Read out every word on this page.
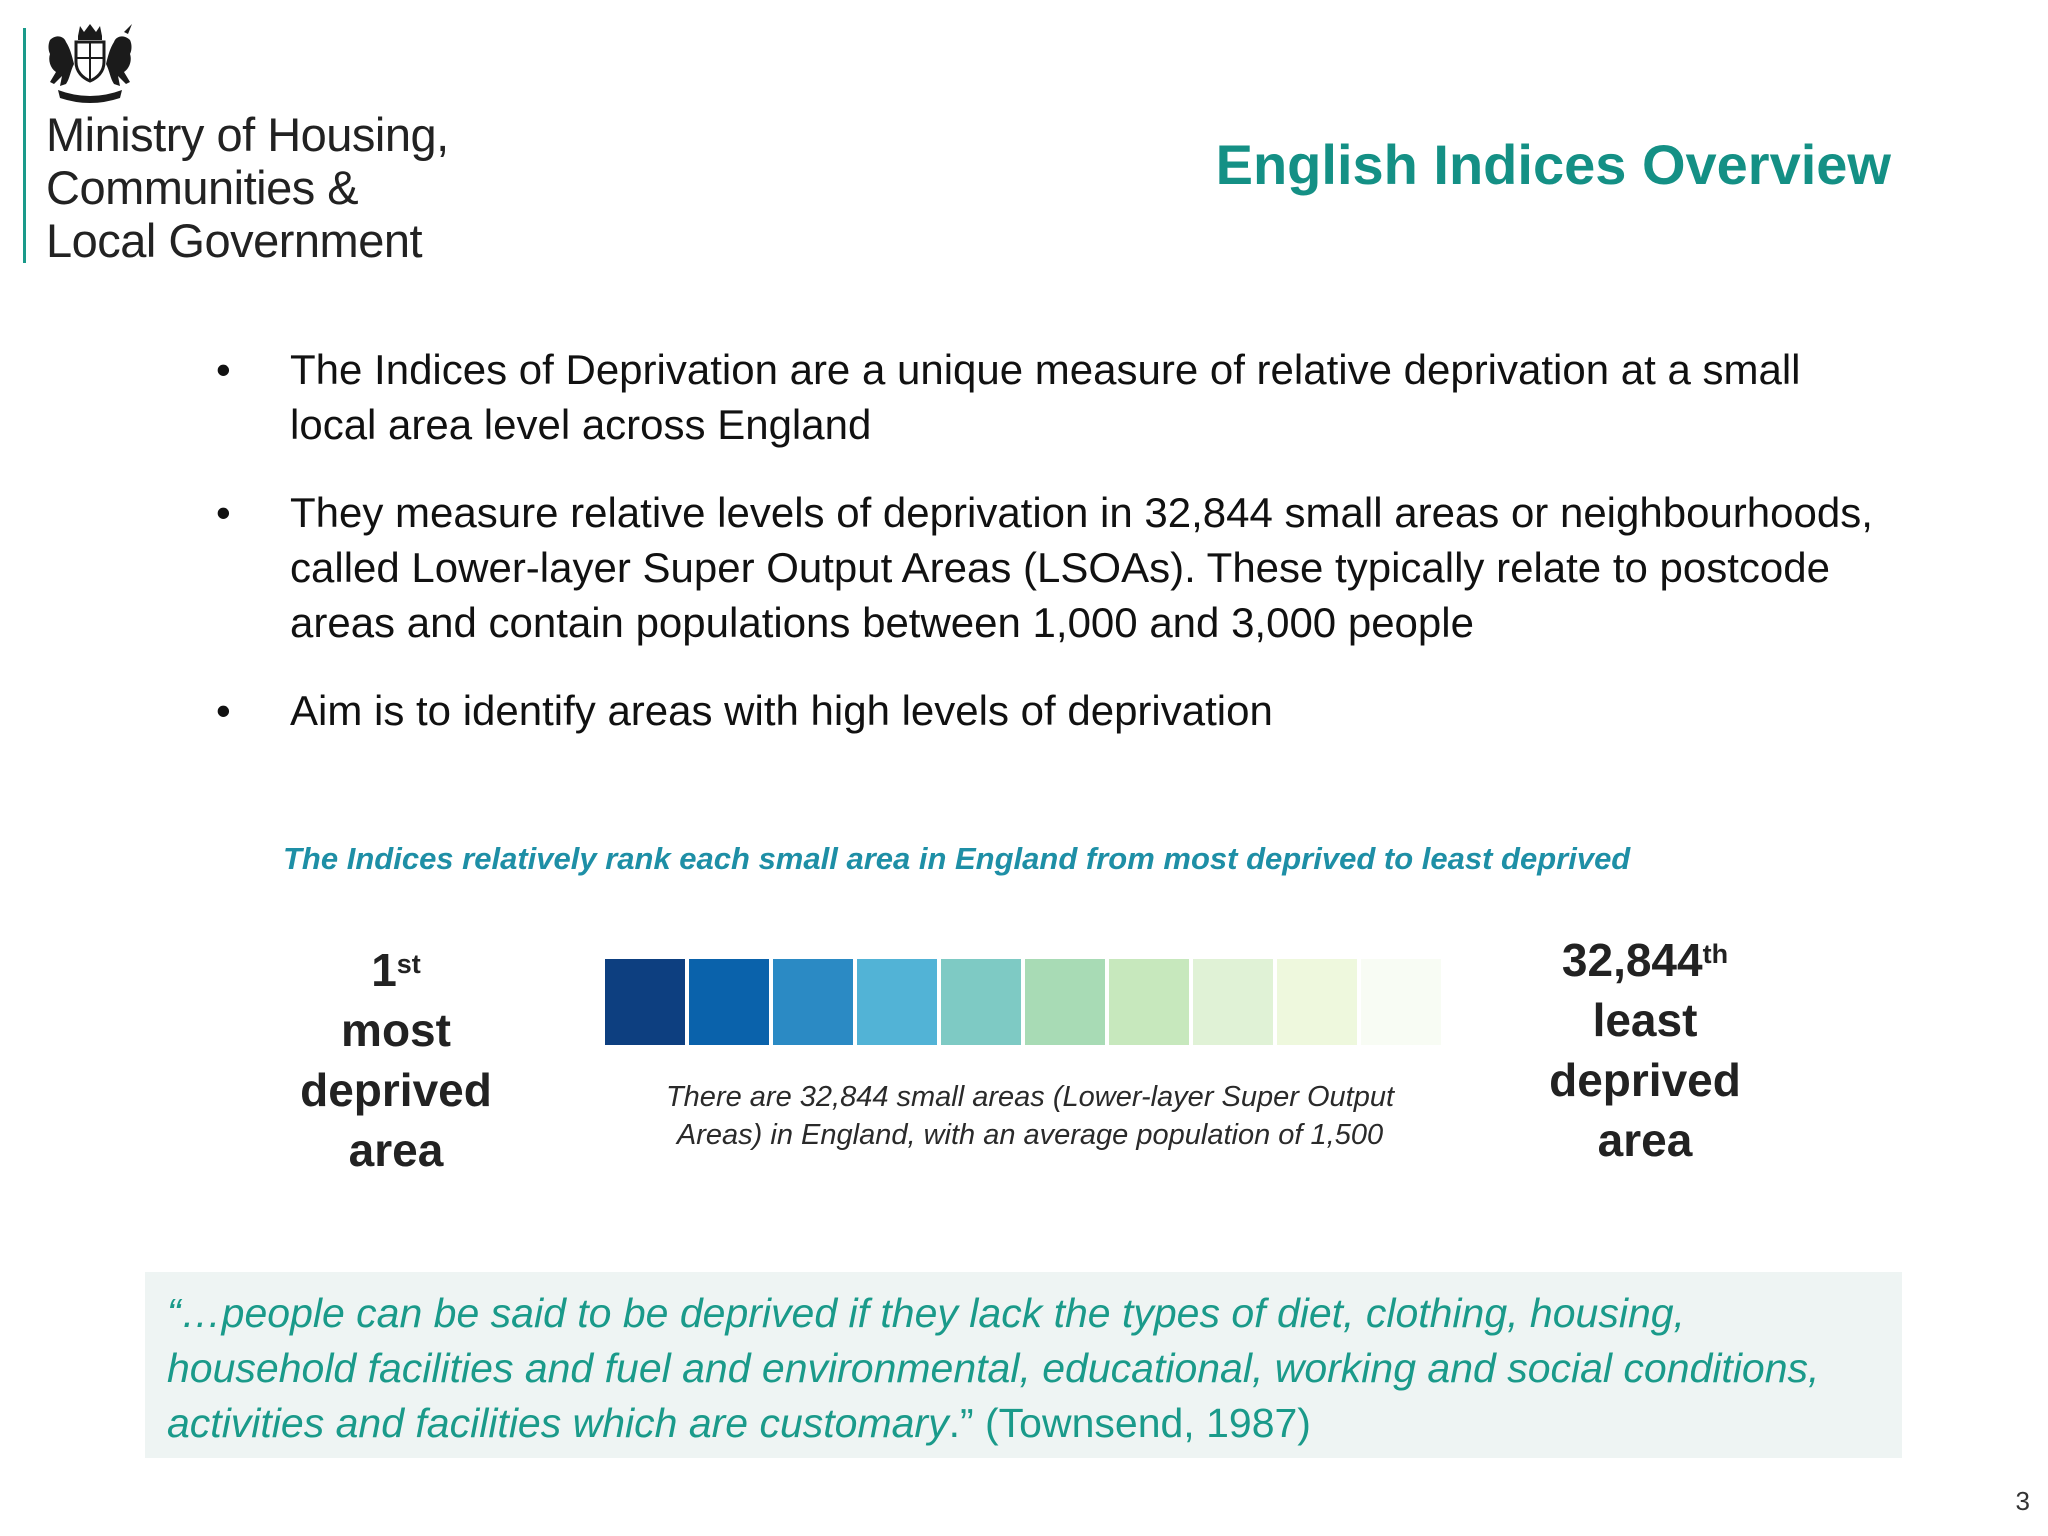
Ministry of Housing,
Communities &
Local Government
English Indices Overview
• The Indices of Deprivation are a unique measure of relative deprivation at a small local area level across England
• They measure relative levels of deprivation in 32,844 small areas or neighbourhoods, called Lower-layer Super Output Areas (LSOAs). These typically relate to postcode areas and contain populations between 1,000 and 3,000 people
• Aim is to identify areas with high levels of deprivation
The Indices relatively rank each small area in England from most deprived to least deprived
1st
most
deprived
area
There are 32,844 small areas (Lower-layer Super Output
Areas) in England, with an average population of 1,500
32,844th
least
deprived
area
“…people can be said to be deprived if they lack the types of diet, clothing, housing, household facilities and fuel and environmental, educational, working and social conditions, activities and facilities which are customary.” (Townsend, 1987)
3
